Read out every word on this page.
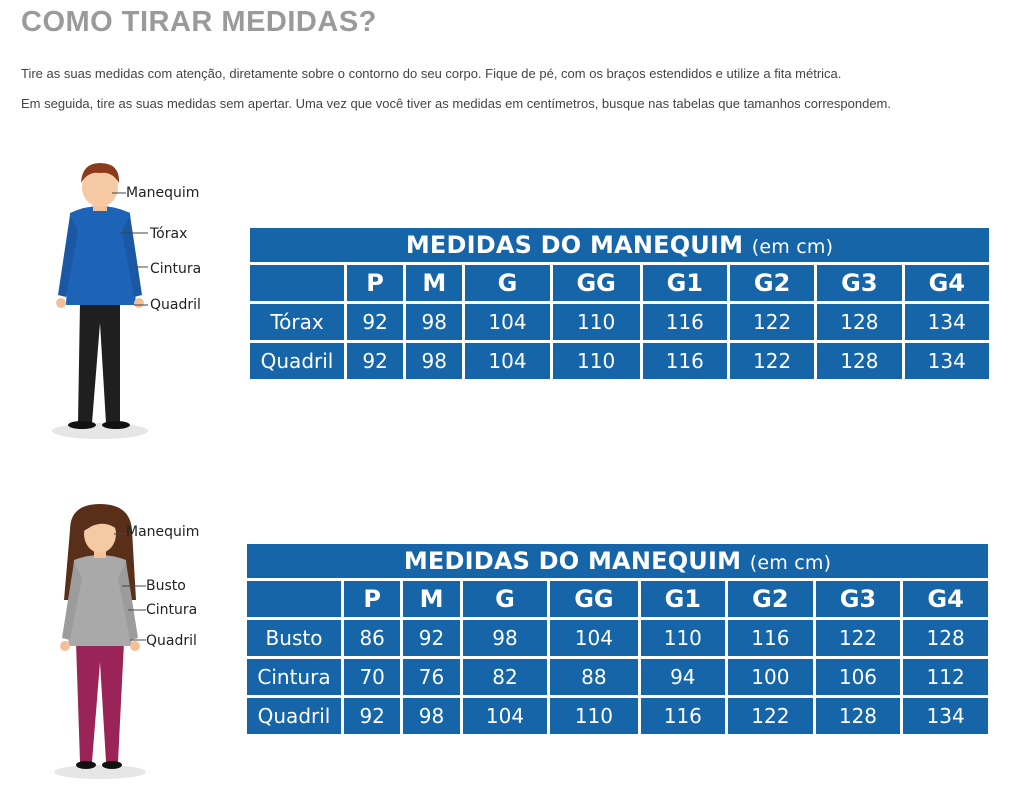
COMO TIRAR MEDIDAS?

Tire as suas medidas com atenção, diretamente sobre o contorno do seu corpo. Fique de pé, com os braços estendidos e utilize a fita métrica.

Em seguida, tire as suas medidas sem apertar. Uma vez que você tiver as medidas em centímetros, busque nas tabelas que tamanhos correspondem.

Manequim
Tórax
Cintura
Quadril
Manequim
Busto
Cintura
Quadril
MEDIDAS DO MANEQUIM (em cm)								
	P	M	G	GG	G1	G2	G3	G4
Tórax	92	98	104	110	116	122	128	134
Quadril	92	98	104	110	116	122	128	134
MEDIDAS DO MANEQUIM (em cm)								
	P	M	G	GG	G1	G2	G3	G4
Busto	86	92	98	104	110	116	122	128
Cintura	70	76	82	88	94	100	106	112
Quadril	92	98	104	110	116	122	128	134
